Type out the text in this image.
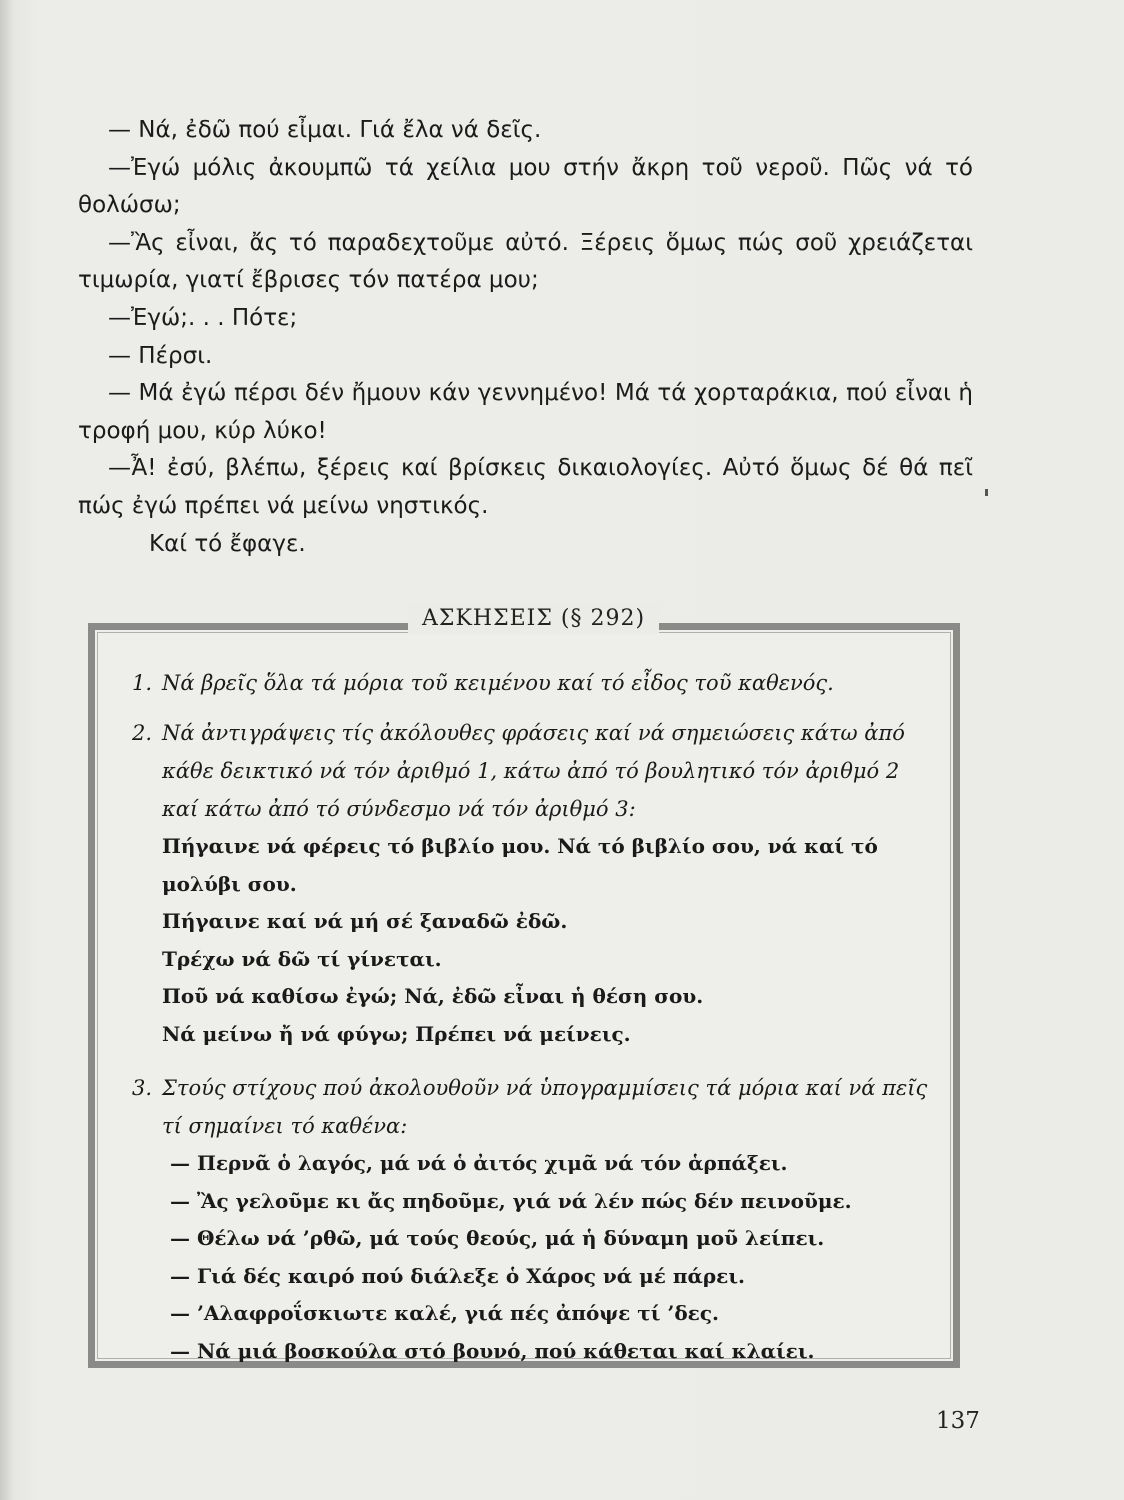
— Νά, ἐδῶ πού εἶμαι. Γιά ἔλα νά δεῖς.

—Ἐγώ μόλις ἀκουμπῶ τά χείλια μου στήν ἄκρη τοῦ νεροῦ. Πῶς νά τό θολώσω;

—Ἂς εἶναι, ἄς τό παραδεχτοῦμε αὐτό. Ξέρεις ὅμως πώς σοῦ χρειάζεται τιμωρία, γιατί ἔβρισες τόν πατέρα μου;

—Ἐγώ;. . . Πότε;

— Πέρσι.

— Μά ἐγώ πέρσι δέν ἤμουν κάν γεννημένο! Μά τά χορταράκια, πού εἶναι ἡ τροφή μου, κύρ λύκο!

—Ἆ! ἐσύ, βλέπω, ξέρεις καί βρίσκεις δικαιολογίες. Αὐτό ὅμως δέ θά πεῖ πώς ἐγώ πρέπει νά μείνω νηστικός.

Καί τό ἔφαγε.

ΑΣΚΗΣΕΙΣ (§ 292)
1. Νά βρεῖς ὅλα τά μόρια τοῦ κειμένου καί τό εἶδος τοῦ καθενός.

2. Νά ἀντιγράψεις τίς ἀκόλουθες φράσεις καί νά σημειώσεις κάτω ἀπό κάθε δεικτικό νά τόν ἀριθμό 1, κάτω ἀπό τό βουλητικό τόν ἀριθμό 2 καί κάτω ἀπό τό σύνδεσμο νά τόν ἀριθμό 3:

Πήγαινε νά φέρεις τό βιβλίο μου. Νά τό βιβλίο σου, νά καί τό μολύβι σου.
Πήγαινε καί νά μή σέ ξαναδῶ ἐδῶ.
Τρέχω νά δῶ τί γίνεται.
Ποῦ νά καθίσω ἐγώ; Νά, ἐδῶ εἶναι ἡ θέση σου.
Νά μείνω ἤ νά φύγω; Πρέπει νά μείνεις.
3. Στούς στίχους πού ἀκολουθοῦν νά ὑπογραμμίσεις τά μόρια καί νά πεῖς τί σημαίνει τό καθένα:

— Περνᾶ ὁ λαγός, μά νά ὁ ἀιτός χιμᾶ νά τόν ἁρπάξει.
— Ἂς γελοῦμε κι ἄς πηδοῦμε, γιά νά λέν πώς δέν πεινοῦμε.
— Θέλω νά ’ρθῶ, μά τούς θεούς, μά ἡ δύναμη μοῦ λείπει.
— Γιά δές καιρό πού διάλεξε ὁ Χάρος νά μέ πάρει.
— ’Αλαφροΐσκιωτε καλέ, γιά πές ἀπόψε τί ’δες.
— Νά μιά βοσκούλα στό βουνό, πού κάθεται καί κλαίει.
137
